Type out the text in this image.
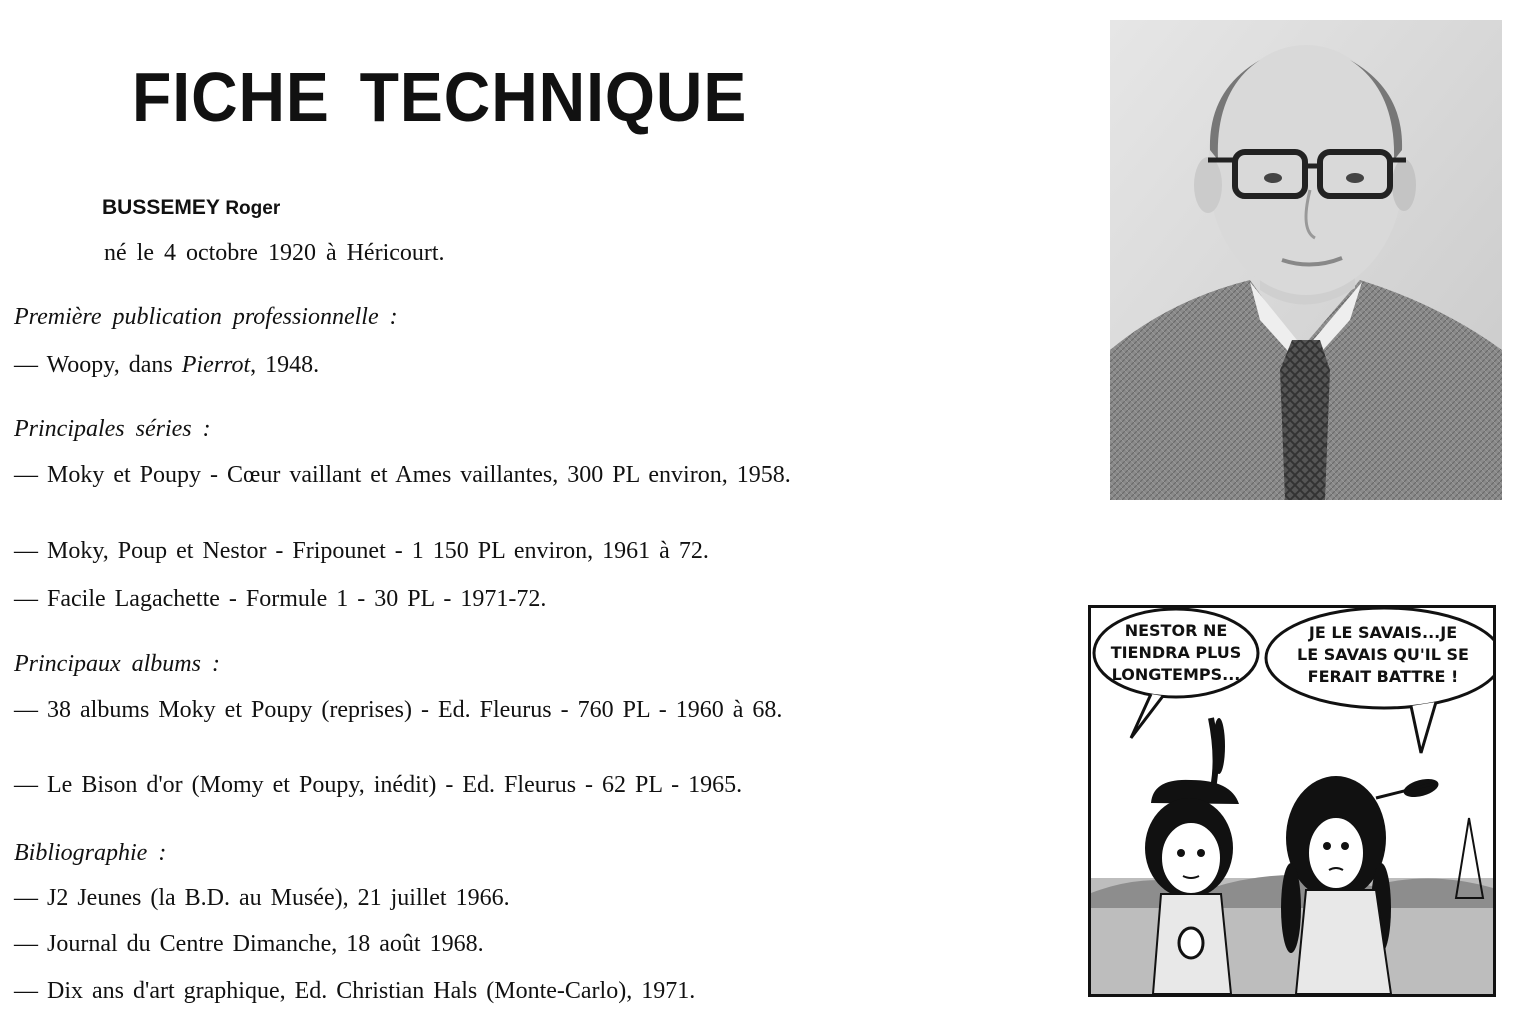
FICHE TECHNIQUE
BUSSEMEY Roger

né le 4 octobre 1920 à Héricourt.

Première publication professionnelle :

— Woopy, dans Pierrot, 1948.

Principales séries :

— Moky et Poupy - Cœur vaillant et Ames vaillantes, 300 PL environ, 1958.

— Moky, Poup et Nestor - Fripounet - 1 150 PL environ, 1961 à 72.

— Facile Lagachette - Formule 1 - 30 PL - 1971-72.

Principaux albums :

— 38 albums Moky et Poupy (reprises) - Ed. Fleurus - 760 PL - 1960 à 68.

— Le Bison d'or (Momy et Poupy, inédit) - Ed. Fleurus - 62 PL - 1965.

Bibliographie :

— J2 Jeunes (la B.D. au Musée), 21 juillet 1966.

— Journal du Centre Dimanche, 18 août 1968.

— Dix ans d'art graphique, Ed. Christian Hals (Monte-Carlo), 1971.

NESTOR NE
TIENDRA PLUS
LONGTEMPS...
JE LE SAVAIS...JE
LE SAVAIS QU'IL SE
FERAIT BATTRE !
